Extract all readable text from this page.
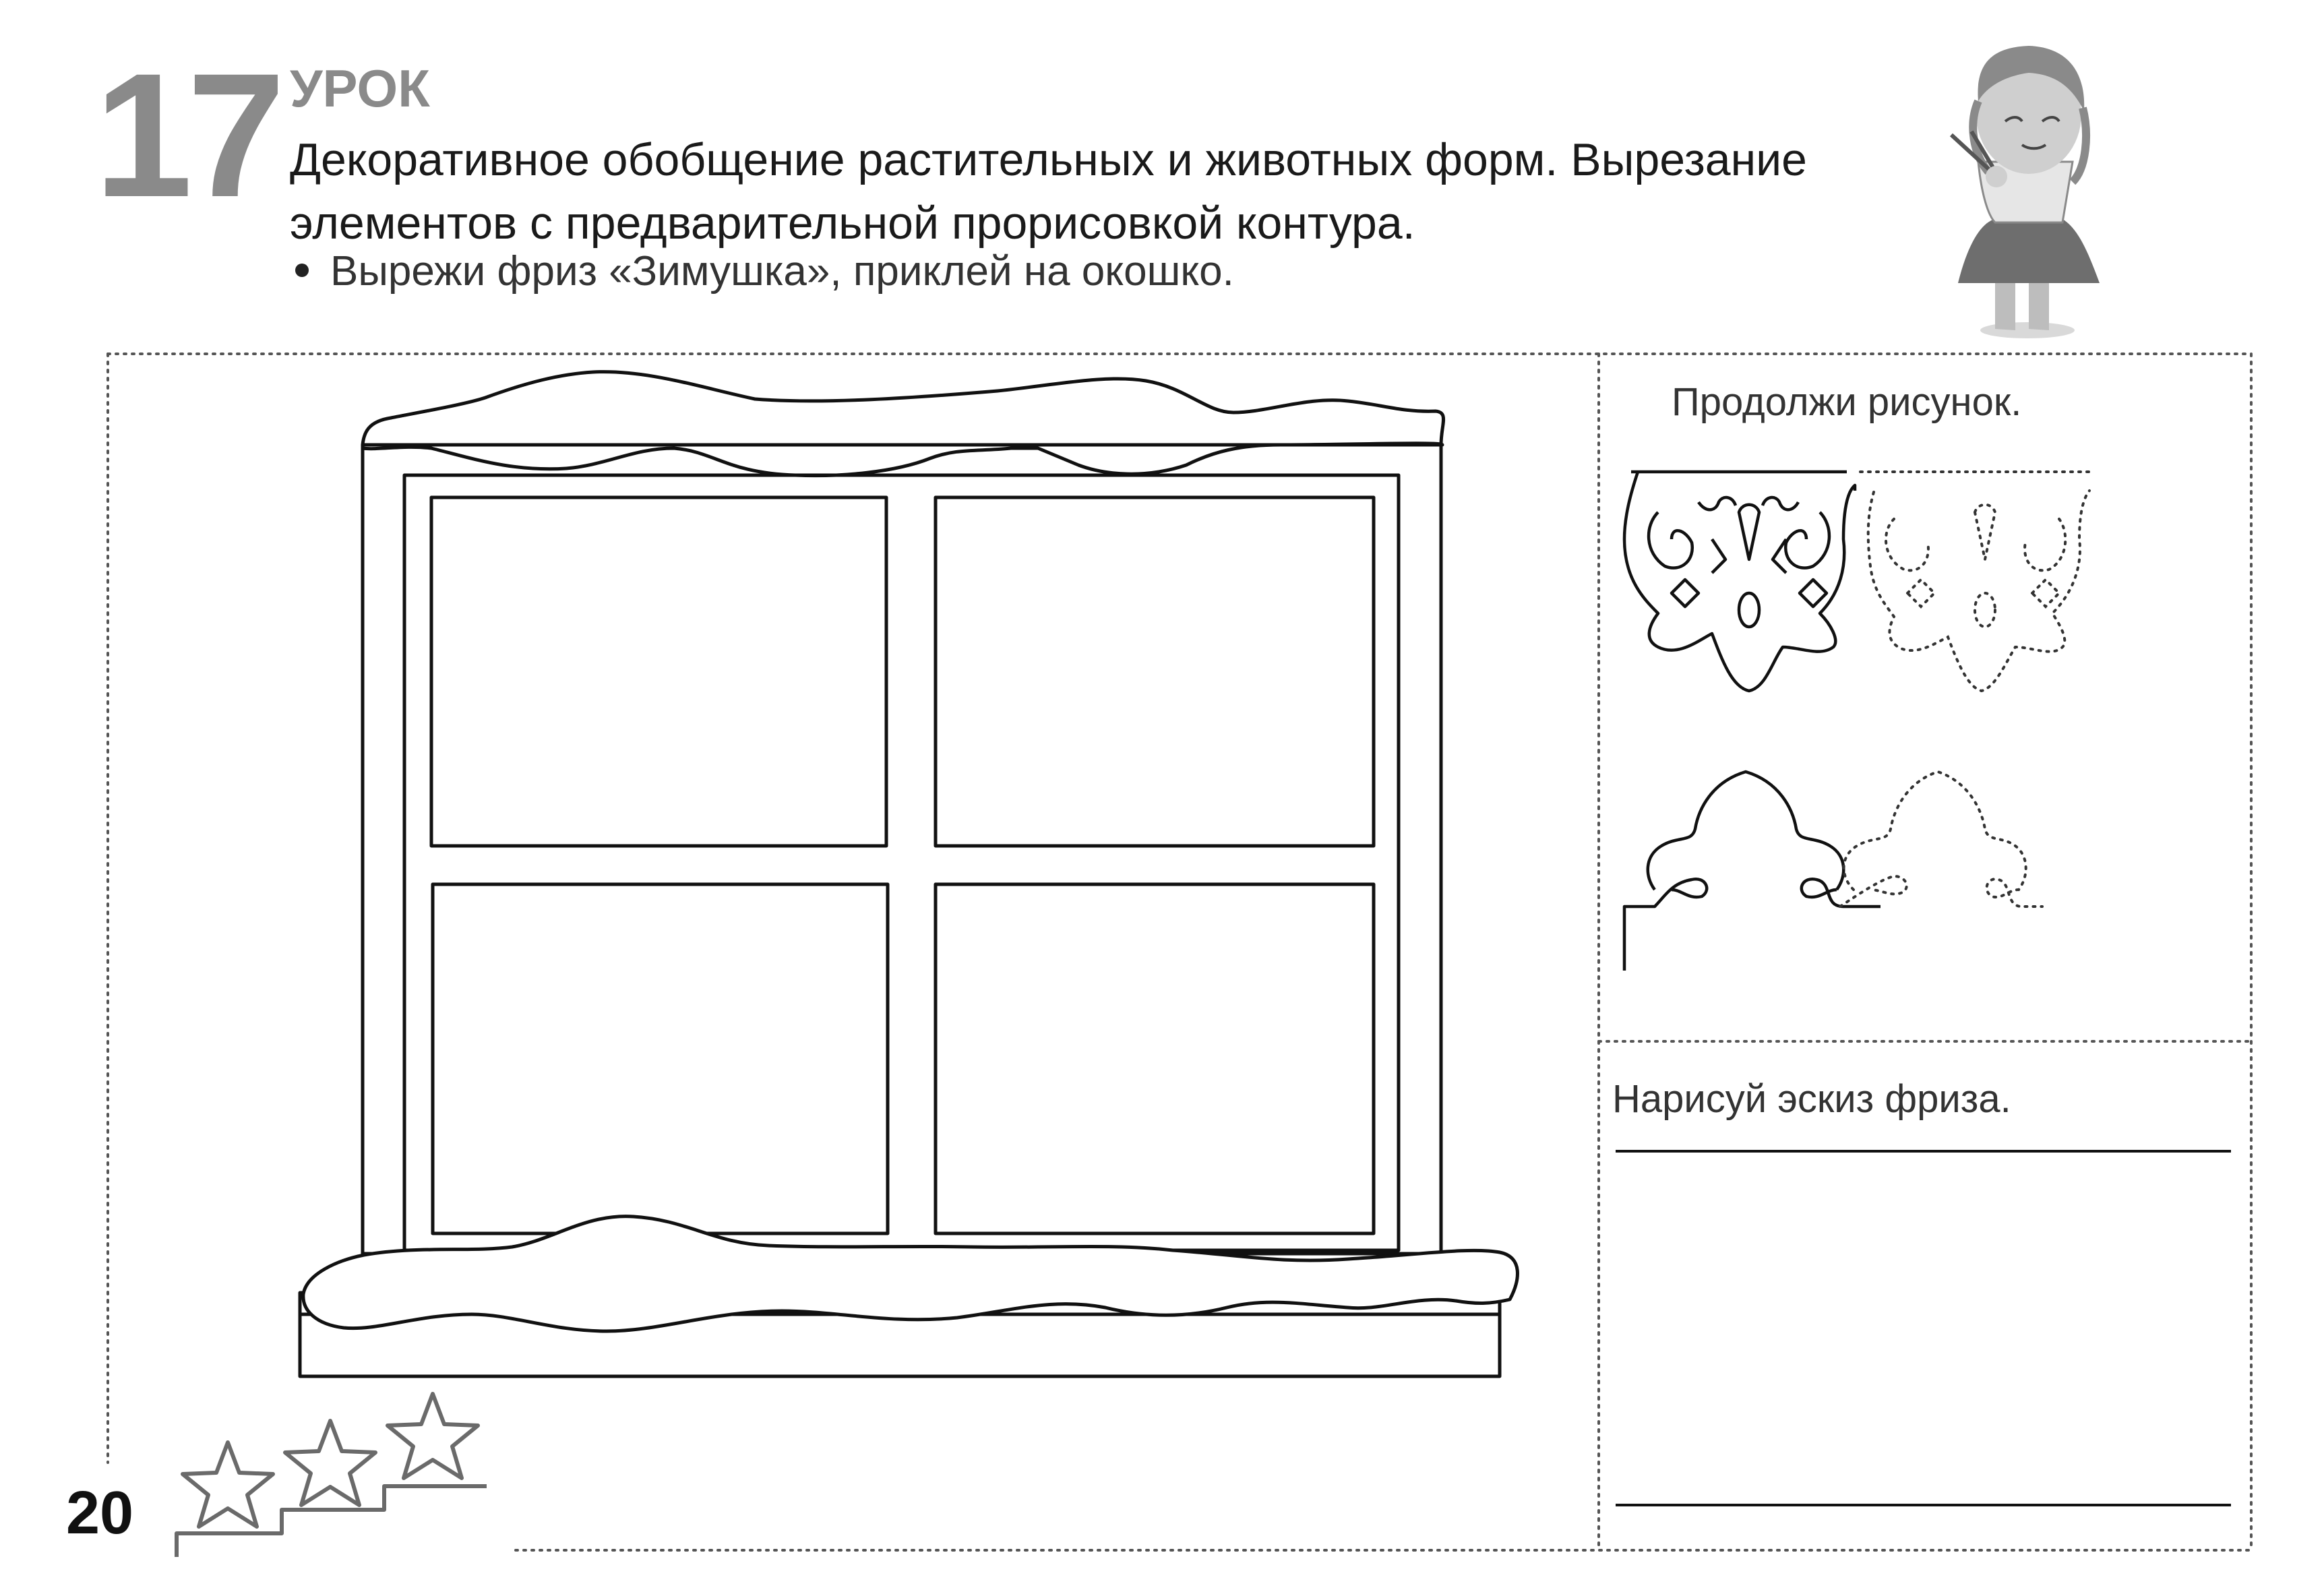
17 УРОК
Декоративное обобщение растительных и животных форм. Вырезание элементов с предварительной прорисовкой контура.
Вырежи фриз «Зимушка», приклей на окошко.
Продолжи рисунок.
Нарисуй эскиз фриза.
20
